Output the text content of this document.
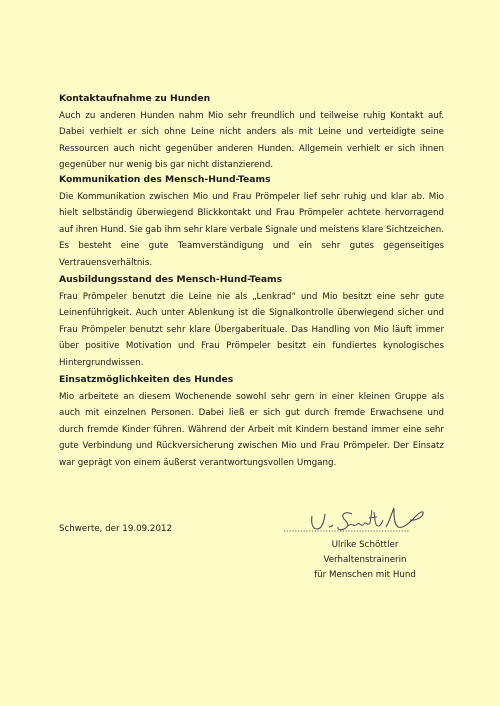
Kontaktaufnahme zu Hunden
Auch zu anderen Hunden nahm Mio sehr freundlich und teilweise ruhig Kontakt auf. Dabei verhielt er sich ohne Leine nicht anders als mit Leine und verteidigte seine Ressourcen auch nicht gegenüber anderen Hunden. Allgemein verhielt er sich ihnen gegenüber nur wenig bis gar nicht distanzierend.
Kommunikation des Mensch-Hund-Teams
Die Kommunikation zwischen Mio und Frau Prömpeler lief sehr ruhig und klar ab. Mio hielt selbständig überwiegend Blickkontakt und Frau Prömpeler achtete hervorragend auf ihren Hund. Sie gab ihm sehr klare verbale Signale und meistens klare Sichtzeichen. Es besteht eine gute Teamverständigung und ein sehr gutes gegenseitiges Vertrauensverhältnis.
Ausbildungsstand des Mensch-Hund-Teams
Frau Prömpeler benutzt die Leine nie als „Lenkrad“ und Mio besitzt eine sehr gute Leinenführigkeit. Auch unter Ablenkung ist die Signalkontrolle überwiegend sicher und Frau Prömpeler benutzt sehr klare Übergaberituale. Das Handling von Mio läuft immer über positive Motivation und Frau Prömpeler besitzt ein fundiertes kynologisches Hintergrundwissen.
Einsatzmöglichkeiten des Hundes
Mio arbeitete an diesem Wochenende sowohl sehr gern in einer kleinen Gruppe als auch mit einzelnen Personen. Dabei ließ er sich gut durch fremde Erwachsene und durch fremde Kinder führen. Während der Arbeit mit Kindern bestand immer eine sehr gute Verbindung und Rückversicherung zwischen Mio und Frau Prömpeler. Der Einsatz war geprägt von einem äußerst verantwortungsvollen Umgang.
Schwerte, der 19.09.2012
Ulrike Schöttler
Verhaltenstrainerin
für Menschen mit Hund
